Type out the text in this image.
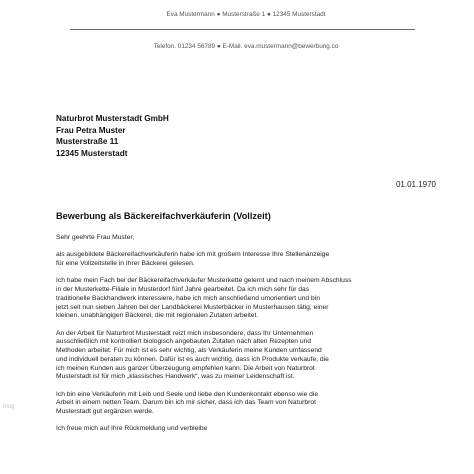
Eva Mustermann ● Musterstraße 1 ● 12345 Musterstadt
Telefon. 01234 56789 ● E-Mail. eva.mustermann@bewerbung.co
Naturbrot Musterstadt GmbH
Frau Petra Muster
Musterstraße 11
12345 Musterstadt
01.01.1970
Bewerbung als Bäckereifachverkäuferin (Vollzeit)

Sehr geehrte Frau Muster,

als ausgebildete Bäckereifachverkäuferin habe ich mit großem Interesse Ihre Stellenanzeige

für eine Vollzeitstelle in Ihrer Bäckerei gelesen.

Ich habe mein Fach bei der Bäckereifachverkäufer Musterkette gelernt und nach meinem Abschluss

in der Musterkette-Filiale in Musterdorf fünf Jahre gearbeitet. Da ich mich sehr für das

traditionelle Backhandwerk interessiere, habe ich mich anschließend umorientiert und bin

jetzt seit nun sieben Jahren bei der Landbäckerei Musterbäcker in Musterhausen tätig, einer

kleinen, unabhängigen Bäckerei, die mit regionalen Zutaten arbeitet.

An der Arbeit für Naturbrot Musterstadt reizt mich insbesondere, dass Ihr Unternehmen

ausschließlich mit kontrolliert biologisch angebauten Zutaten nach alten Rezepten und

Methoden arbeitet. Für mich ist es sehr wichtig, als Verkäuferin meine Kunden umfassend

und individuell beraten zu können. Dafür ist es auch wichtig, dass ich Produkte verkaufe, die

ich meinen Kunden aus ganzer Überzeugung empfehlen kann. Die Arbeit von Naturbrot

Musterstadt ist für mich „klassisches Handwerk“, was zu meiner Leidenschaft ist.

Ich bin eine Verkäuferin mit Leib und Seele und liebe den Kundenkontakt ebenso wie die

Arbeit in einem netten Team. Darum bin ich mir sicher, dass ich das Team von Naturbrot

Musterstadt gut ergänzen werde.

Ich freue mich auf Ihre Rückmeldung und verbleibe

blog
